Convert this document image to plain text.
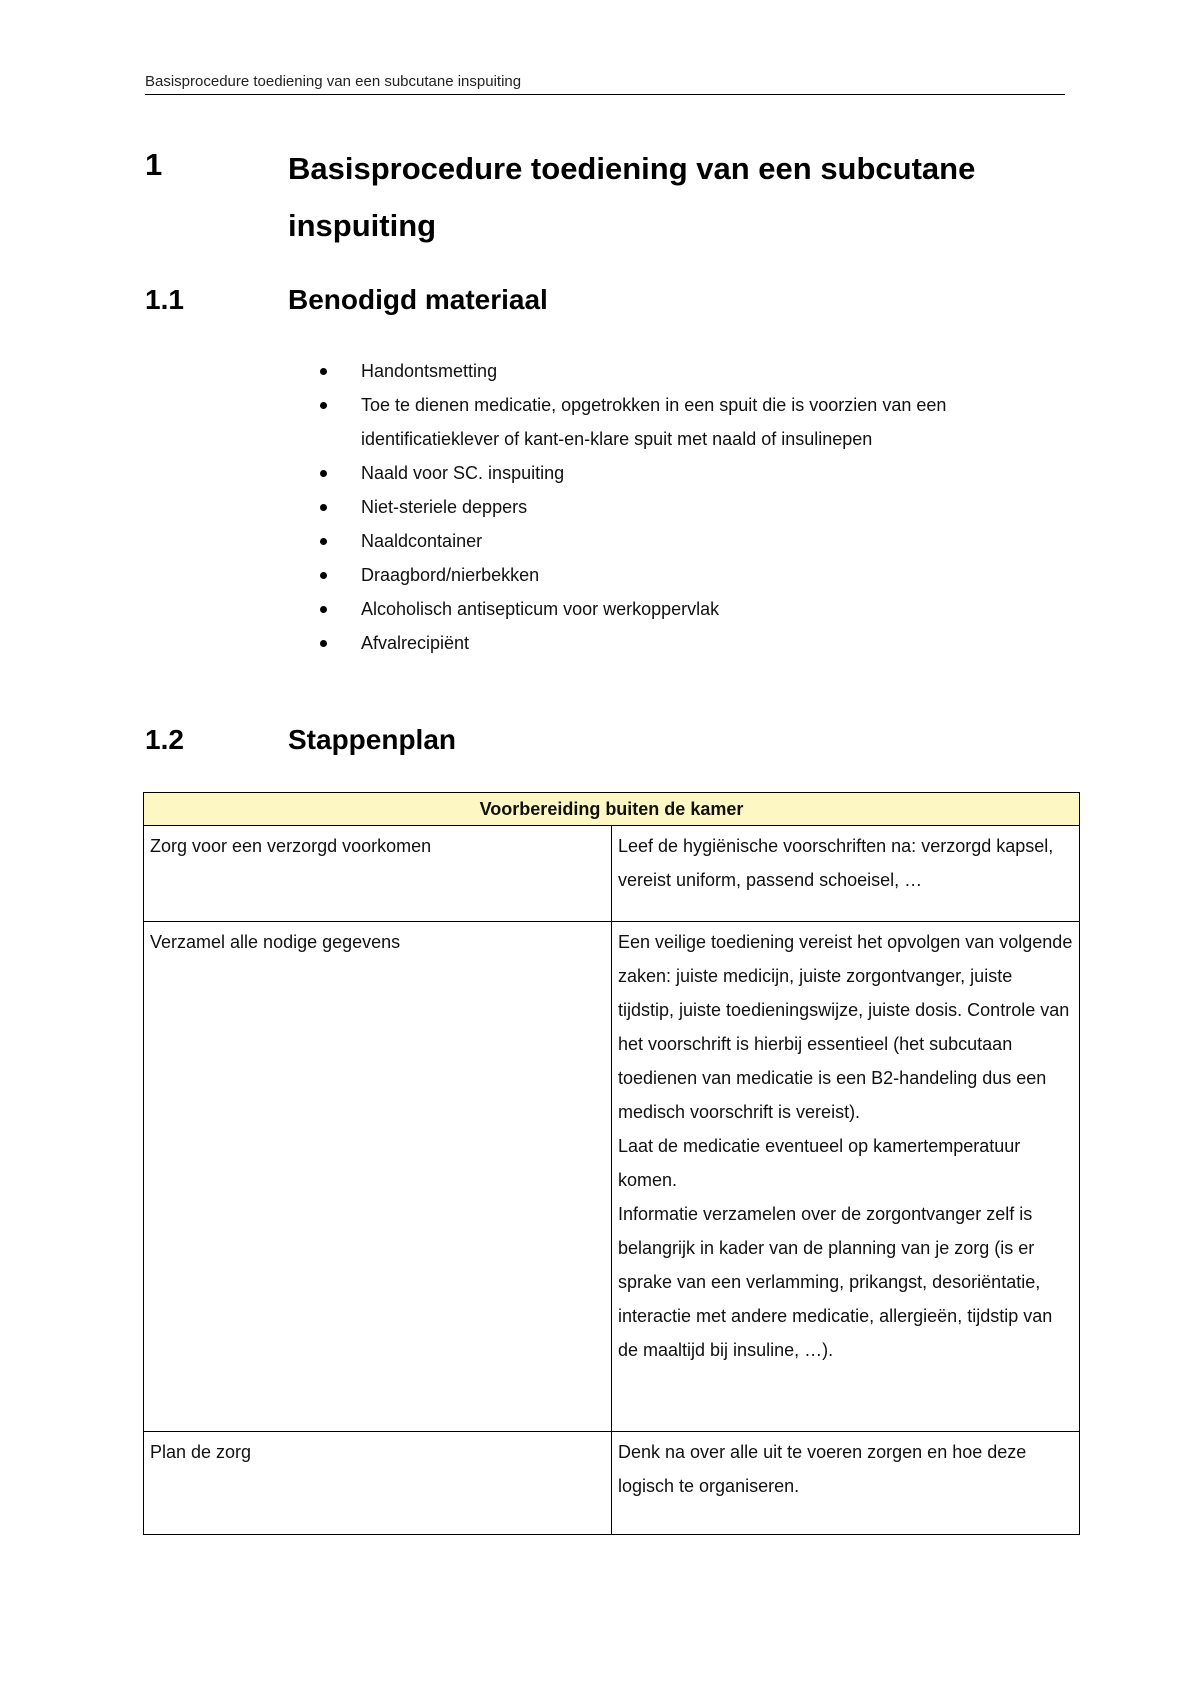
Basisprocedure toediening van een subcutane inspuiting
1	Basisprocedure toediening van een subcutane inspuiting
1.1	Benodigd materiaal
Handontsmetting
Toe te dienen medicatie, opgetrokken in een spuit die is voorzien van een identificatieklever of kant-en-klare spuit met naald of insulinepen
Naald voor SC. inspuiting
Niet-steriele deppers
Naaldcontainer
Draagbord/nierbekken
Alcoholisch antisepticum voor werkoppervlak
Afvalrecipiënt
1.2	Stappenplan
Voorbereiding buiten de kamer	
Zorg voor een verzorgd voorkomen	Leef de hygiënische voorschriften na: verzorgd kapsel, vereist uniform, passend schoeisel, …

Verzamel alle nodige gegevens	Een veilige toediening vereist het opvolgen van volgende zaken: juiste medicijn, juiste zorgontvanger, juiste tijdstip, juiste toedieningswijze, juiste dosis. Controle van het voorschrift is hierbij essentieel (het subcutaan toedienen van medicatie is een B2-handeling dus een medisch voorschrift is vereist).

Laat de medicatie eventueel op kamertemperatuur komen.

Informatie verzamelen over de zorgontvanger zelf is belangrijk in kader van de planning van je zorg (is er sprake van een verlamming, prikangst, desoriëntatie, interactie met andere medicatie, allergieën, tijdstip van de maaltijd bij insuline, …).

Plan de zorg	Denk na over alle uit te voeren zorgen en hoe deze logisch te organiseren.
